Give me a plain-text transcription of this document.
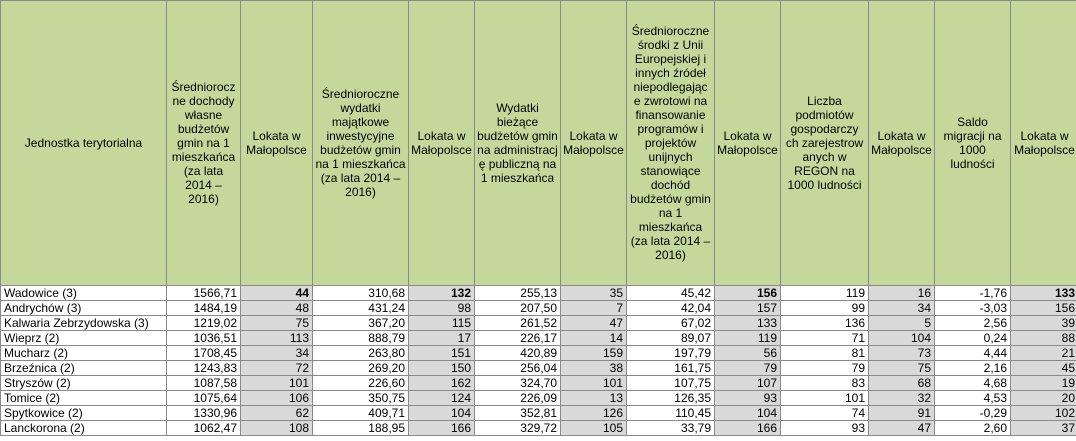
Jednostka terytorialna	Średniorocz ne dochody własne budżetów gmin na 1 mieszkańca (za lata 2014 – 2016)	Lokata w Małopolsce	Średnioroczne wydatki majątkowe inwestycyjne budżetów gmin na 1 mieszkańca (za lata 2014 – 2016)	Lokata w Małopolsce	Wydatki bieżące budżetów gmin na administracj ę publiczną na 1 mieszkańca	Lokata w Małopolsce	Średnioroczne środki z Unii Europejskiej i innych źródeł niepodlegając e zwrotowi na finansowanie programów i projektów unijnych stanowiące dochód budżetów gmin na 1 mieszkańca (za lata 2014 – 2016)	Lokata w Małopolsce	Liczba podmiotów gospodarczy ch zarejestrow anych w REGON na 1000 ludności	Lokata w Małopolsce	Saldo migracji na 1000 ludności	Lokata w Małopolsce
Wadowice (3)	1566,71	44	310,68	132	255,13	35	45,42	156	119	16	-1,76	133
Andrychów (3)	1484,19	48	431,24	98	207,50	7	42,04	157	99	34	-3,03	156
Kalwaria Zebrzydowska (3)	1219,02	75	367,20	115	261,52	47	67,02	133	136	5	2,56	39
Wieprz (2)	1036,51	113	888,79	17	226,17	14	89,07	119	71	104	0,24	88
Mucharz (2)	1708,45	34	263,80	151	420,89	159	197,79	56	81	73	4,44	21
Brzeźnica (2)	1243,83	72	269,20	150	256,04	38	161,75	79	79	75	2,16	45
Stryszów (2)	1087,58	101	226,60	162	324,70	101	107,75	107	83	68	4,68	19
Tomice (2)	1075,64	106	350,75	124	226,09	13	126,35	93	101	32	4,53	20
Spytkowice (2)	1330,96	62	409,71	104	352,81	126	110,45	104	74	91	-0,29	102
Lanckorona (2)	1062,47	108	188,95	166	329,72	105	33,79	166	93	47	2,60	37
